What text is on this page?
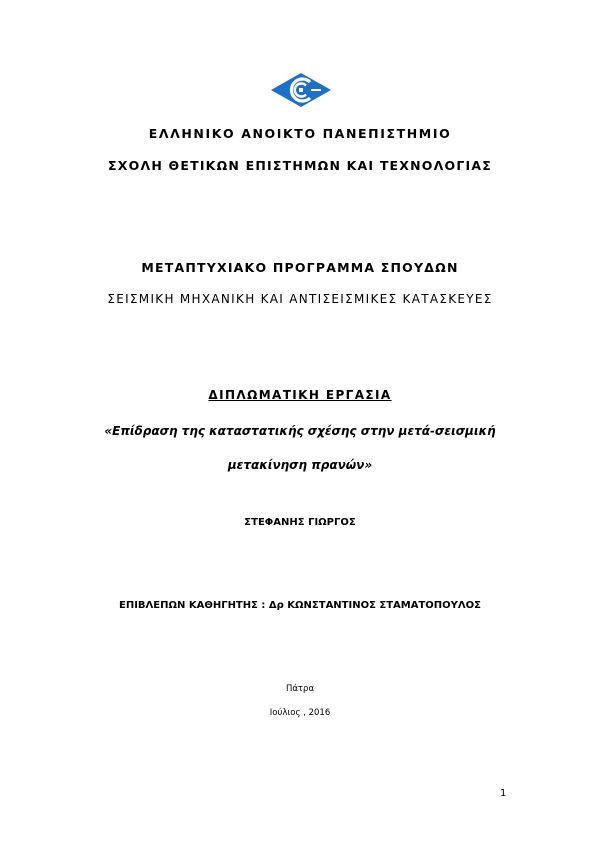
ΕΛΛΗΝΙΚΟ ΑΝΟΙΚΤΟ ΠΑΝΕΠΙΣΤΗΜΙΟ
ΣΧΟΛΗ ΘΕΤΙΚΩΝ ΕΠΙΣΤΗΜΩΝ ΚΑΙ ΤΕΧΝΟΛΟΓΙΑΣ
ΜΕΤΑΠΤΥΧΙΑΚΟ ΠΡΟΓΡΑΜΜΑ ΣΠΟΥΔΩΝ
ΣΕΙΣΜΙΚΗ ΜΗΧΑΝΙΚΗ ΚΑΙ ΑΝΤΙΣΕΙΣΜΙΚΕΣ ΚΑΤΑΣΚΕΥΕΣ
ΔΙΠΛΩΜΑΤΙΚΗ ΕΡΓΑΣΙΑ
«Επίδραση της καταστατικής σχέσης στην μετά-σεισμική
μετακίνηση πρανών»
ΣΤΕΦΑΝΗΣ ΓΙΩΡΓΟΣ
ΕΠΙΒΛΕΠΩΝ ΚΑΘΗΓΗΤΗΣ : Δρ ΚΩΝΣΤΑΝΤΙΝΟΣ ΣΤΑΜΑΤΟΠΟΥΛΟΣ
Πάτρα
Ιούλιος , 2016
1
